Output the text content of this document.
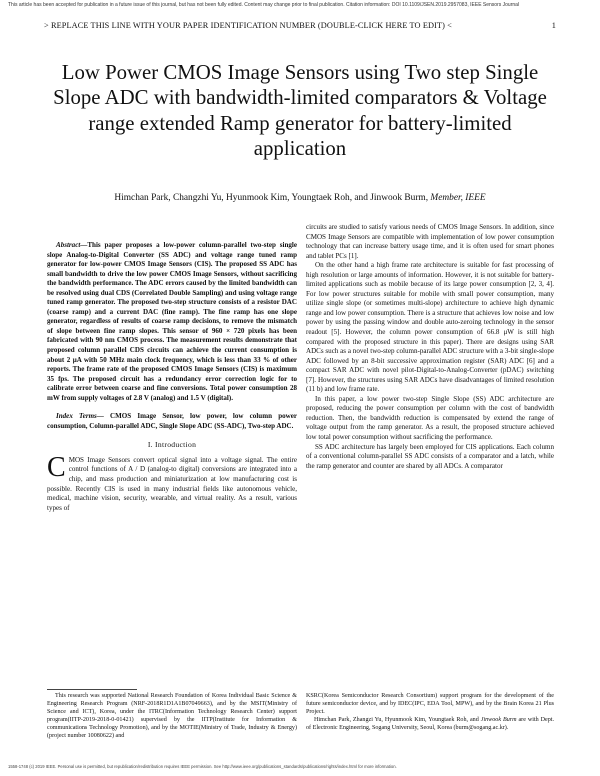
This article has been accepted for publication in a future issue of this journal, but has not been fully edited. Content may change prior to final publication. Citation information: DOI 10.1109/JSEN.2019.2957083, IEEE Sensors Journal
> REPLACE THIS LINE WITH YOUR PAPER IDENTIFICATION NUMBER (DOUBLE-CLICK HERE TO EDIT) <	1
Low Power CMOS Image Sensors using Two step Single Slope ADC with bandwidth-limited comparators & Voltage range extended Ramp generator for battery-limited application
Himchan Park, Changzhi Yu, Hyunmook Kim, Youngtaek Roh, and Jinwook Burm, Member, IEEE

Abstract—This paper proposes a low-power column-parallel two-step single slope Analog-to-Digital Converter (SS ADC) and voltage range tuned ramp generator for low-power CMOS Image Sensors (CIS). The proposed SS ADC has small bandwidth to drive the low power CMOS Image Sensors, without sacrificing the bandwidth performance. The ADC errors caused by the limited bandwidth can be resolved using dual CDS (Correlated Double Sampling) and using voltage range tuned ramp generator. The proposed two-step structure consists of a resistor DAC (coarse ramp) and a current DAC (fine ramp). The fine ramp has one slope generator, regardless of results of coarse ramp decisions, to remove the mismatch of slope between fine ramp slopes. This sensor of 960 × 720 pixels has been fabricated with 90 nm CMOS process. The measurement results demonstrate that proposed column parallel CDS circuits can achieve the current consumption is about 2 μA with 50 MHz main clock frequency, which is less than 33 % of other reports. The frame rate of the proposed CMOS Image Sensors (CIS) is maximum 35 fps. The proposed circuit has a redundancy error correction logic for to calibrate error between coarse and fine conversions. Total power consumption 28 mW from supply voltages of 2.8 V (analog) and 1.5 V (digital).

Index Terms— CMOS Image Sensor, low power, low column power consumption, Column-parallel ADC, Single Slope ADC (SS-ADC), Two-step ADC.

I. Introduction

CMOS Image Sensors convert optical signal into a voltage signal. The entire control functions of A / D (analog-to digital) conversions are integrated into a chip, and mass production and miniaturization at low manufacturing cost is possible. Recently CIS is used in many industrial fields like autonomous vehicle, medical, machine vision, security, wearable, and virtual reality. As a result, various types of

circuits are studied to satisfy various needs of CMOS Image Sensors. In addition, since CMOS Image Sensors are compatible with implementation of low power consumption technology that can increase battery usage time, and it is often used for smart phones and tablet PCs [1].

On the other hand a high frame rate architecture is suitable for fast processing of high resolution or large amounts of information. However, it is not suitable for battery-limited applications such as mobile because of its large power consumption [2, 3, 4]. For low power structures suitable for mobile with small power consumption, many utilize single slope (or sometimes multi-slope) architecture to achieve high dynamic range and low power consumption. There is a structure that achieves low noise and low power by using the passing window and double auto-zeroing technology in the sensor readout [5]. However, the column power consumption of 66.8 μW is still high compared with the proposed structure in this paper). There are designs using SAR ADCs such as a novel two-step column-parallel ADC structure with a 3-bit single-slope ADC followed by an 8-bit successive approximation register (SAR) ADC [6] and a compact SAR ADC with novel pilot-Digital-to-Analog-Converter (pDAC) switching [7]. However, the structures using SAR ADCs have disadvantages of limited resolution (11 b) and low frame rate.

In this paper, a low power two-step Single Slope (SS) ADC architecture are proposed, reducing the power consumption per column with the cost of bandwidth reduction. Then, the bandwidth reduction is compensated by extend the range of voltage output from the ramp generator. As a result, the proposed structure achieved low total power consumption without sacrificing the performance.

SS ADC architecture has largely been employed for CIS applications. Each column of a conventional column-parallel SS ADC consists of a comparator and a latch, while the ramp generator and counter are shared by all ADCs. A comparator

This research was supported National Research Foundation of Korea Individual Basic Science & Engineering Research Program (NRF-2018R1D1A1B07049663), and by the MSIT(Ministry of Science and ICT), Korea, under the ITRC(Information Technology Research Center) support program(IITP-2019-2018-0-01421) supervised by the IITP(Institute for Information & communications Technology Promotion), and by the MOTIE(Ministry of Trade, Industry & Energy) (project number 10080622) and

KSRC(Korea Semiconductor Research Consortium) support program for the development of the future semiconductor device, and by IDEC(IPC, EDA Tool, MPW), and by the Brain Korea 21 Plus Project.

Himchan Park, Zhangzi Yu, Hyunmook Kim, Youngtaek Roh, and Jinwook Burm are with Dept. of Electronic Engineering, Sogang University, Seoul, Korea (burm@sogang.ac.kr).

1558-1748 (c) 2019 IEEE. Personal use is permitted, but republication/redistribution requires IEEE permission. See http://www.ieee.org/publications_standards/publications/rights/index.html for more information.
